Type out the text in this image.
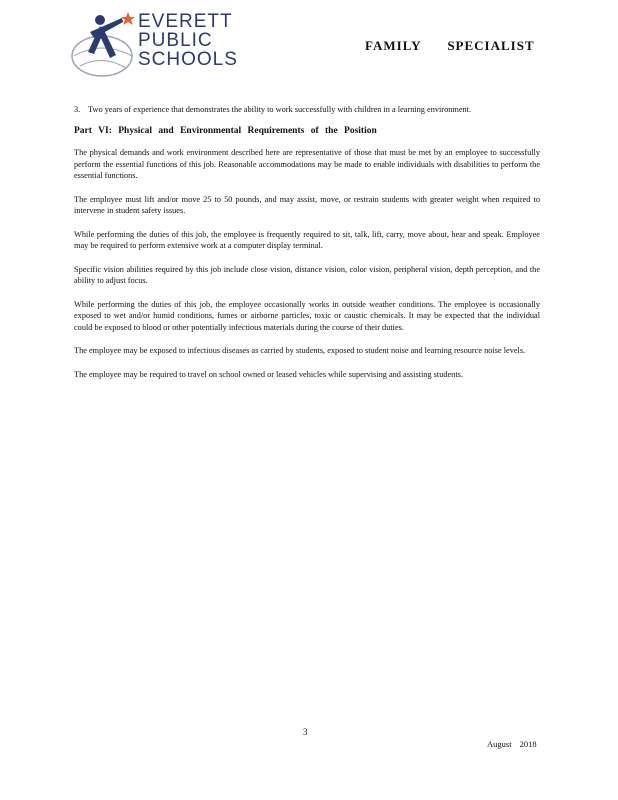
EVERETT
PUBLIC
SCHOOLS
FAMILY SPECIALIST
3. Two years of experience that demonstrates the ability to work successfully with children in a learning environment.
Part VI: Physical and Environmental Requirements of the Position

The physical demands and work environment described here are representative of those that must be met by an employee to successfully perform the essential functions of this job. Reasonable accommodations may be made to enable individuals with disabilities to perform the essential functions.

The employee must lift and/or move 25 to 50 pounds, and may assist, move, or restrain students with greater weight when required to intervene in student safety issues.

While performing the duties of this job, the employee is frequently required to sit, talk, lift, carry, move about, hear and speak. Employee may be required to perform extensive work at a computer display terminal.

Specific vision abilities required by this job include close vision, distance vision, color vision, peripheral vision, depth perception, and the ability to adjust focus.

While performing the duties of this job, the employee occasionally works in outside weather conditions. The employee is occasionally exposed to wet and/or humid conditions, fumes or airborne particles, toxic or caustic chemicals. It may be expected that the individual could be exposed to blood or other potentially infectious materials during the course of their duties.

The employee may be exposed to infectious diseases as carried by students, exposed to student noise and learning resource noise levels.

The employee may be required to travel on school owned or leased vehicles while supervising and assisting students.

3
August 2018
